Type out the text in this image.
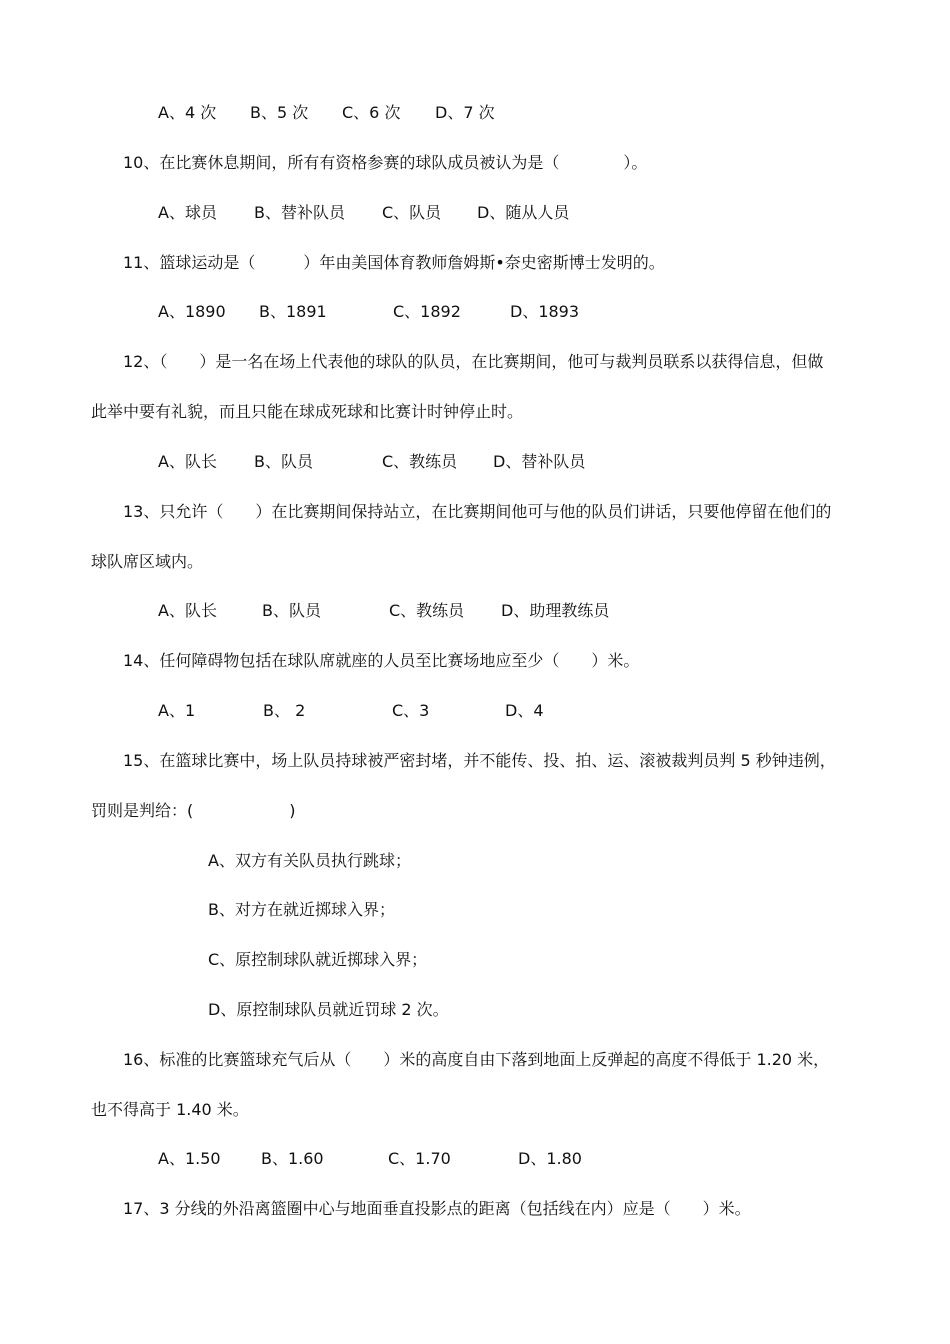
A、4 次 B、5 次 C、6 次 D、7 次
10、在比赛休息期间，所有有资格参赛的球队成员被认为是（　　　　）。
A、球员 B、替补队员 C、队员 D、随从人员
11、篮球运动是（　　　）年由美国体育教师詹姆斯•奈史密斯博士发明的。
A、1890 B、1891	C、1892	D、1893
12、（　　）是一名在场上代表他的球队的队员，在比赛期间，他可与裁判员联系以获得信息，但做
此举中要有礼貌，而且只能在球成死球和比赛计时钟停止时。
A、队长 B、队员	C、教练员 D、替补队员
13、只允许（　　）在比赛期间保持站立，在比赛期间他可与他的队员们讲话，只要他停留在他们的
球队席区域内。
A、队长	B、队员	C、教练员 D、助理教练员
14、任何障碍物包括在球队席就座的人员至比赛场地应至少（　　）米。
A、1	B、 2	C、3	D、4
15、在篮球比赛中，场上队员持球被严密封堵，并不能传、投、拍、运、滚被裁判员判 5 秒钟违例，
罚则是判给：(　　　　　　)
A、双方有关队员执行跳球；
B、对方在就近掷球入界；
C、原控制球队就近掷球入界；
D、原控制球队员就近罚球 2 次。
16、标准的比赛篮球充气后从（　　）米的高度自由下落到地面上反弹起的高度不得低于 1.20 米，
也不得高于 1.40 米。
A、1.50	B、1.60	C、1.70	D、1.80
17、3 分线的外沿离篮圈中心与地面垂直投影点的距离（包括线在内）应是（　　）米。
